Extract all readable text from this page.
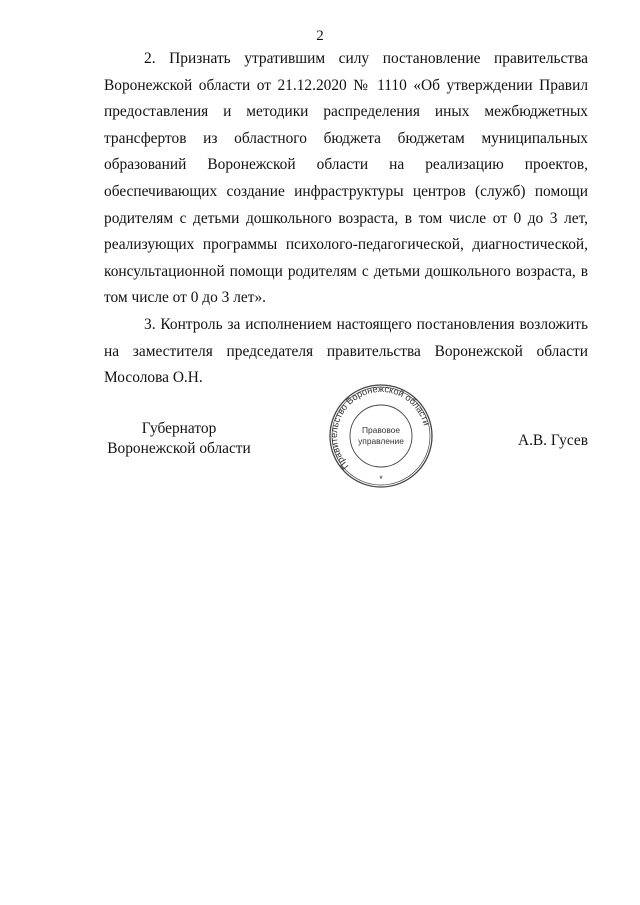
2

2. Признать утратившим силу постановление правительства Воронежской области от 21.12.2020 № 1110 «Об утверждении Правил предоставления и методики распределения иных межбюджетных трансфертов из областного бюджета бюджетам муниципальных образований Воронежской области на реализацию проектов, обеспечивающих создание инфраструктуры центров (служб) помощи родителям с детьми дошкольного возраста, в том числе от 0 до 3 лет, реализующих программы психолого-педагогической, диагностической, консультационной помощи родителям с детьми дошкольного возраста, в том числе от 0 до 3 лет».

3. Контроль за исполнением настоящего постановления возложить на заместителя председателя правительства Воронежской области Мосолова О.Н.

Губернатор
Воронежской области
Правительство Воронежской области
Правовое
управление
*
А.В. Гусев
